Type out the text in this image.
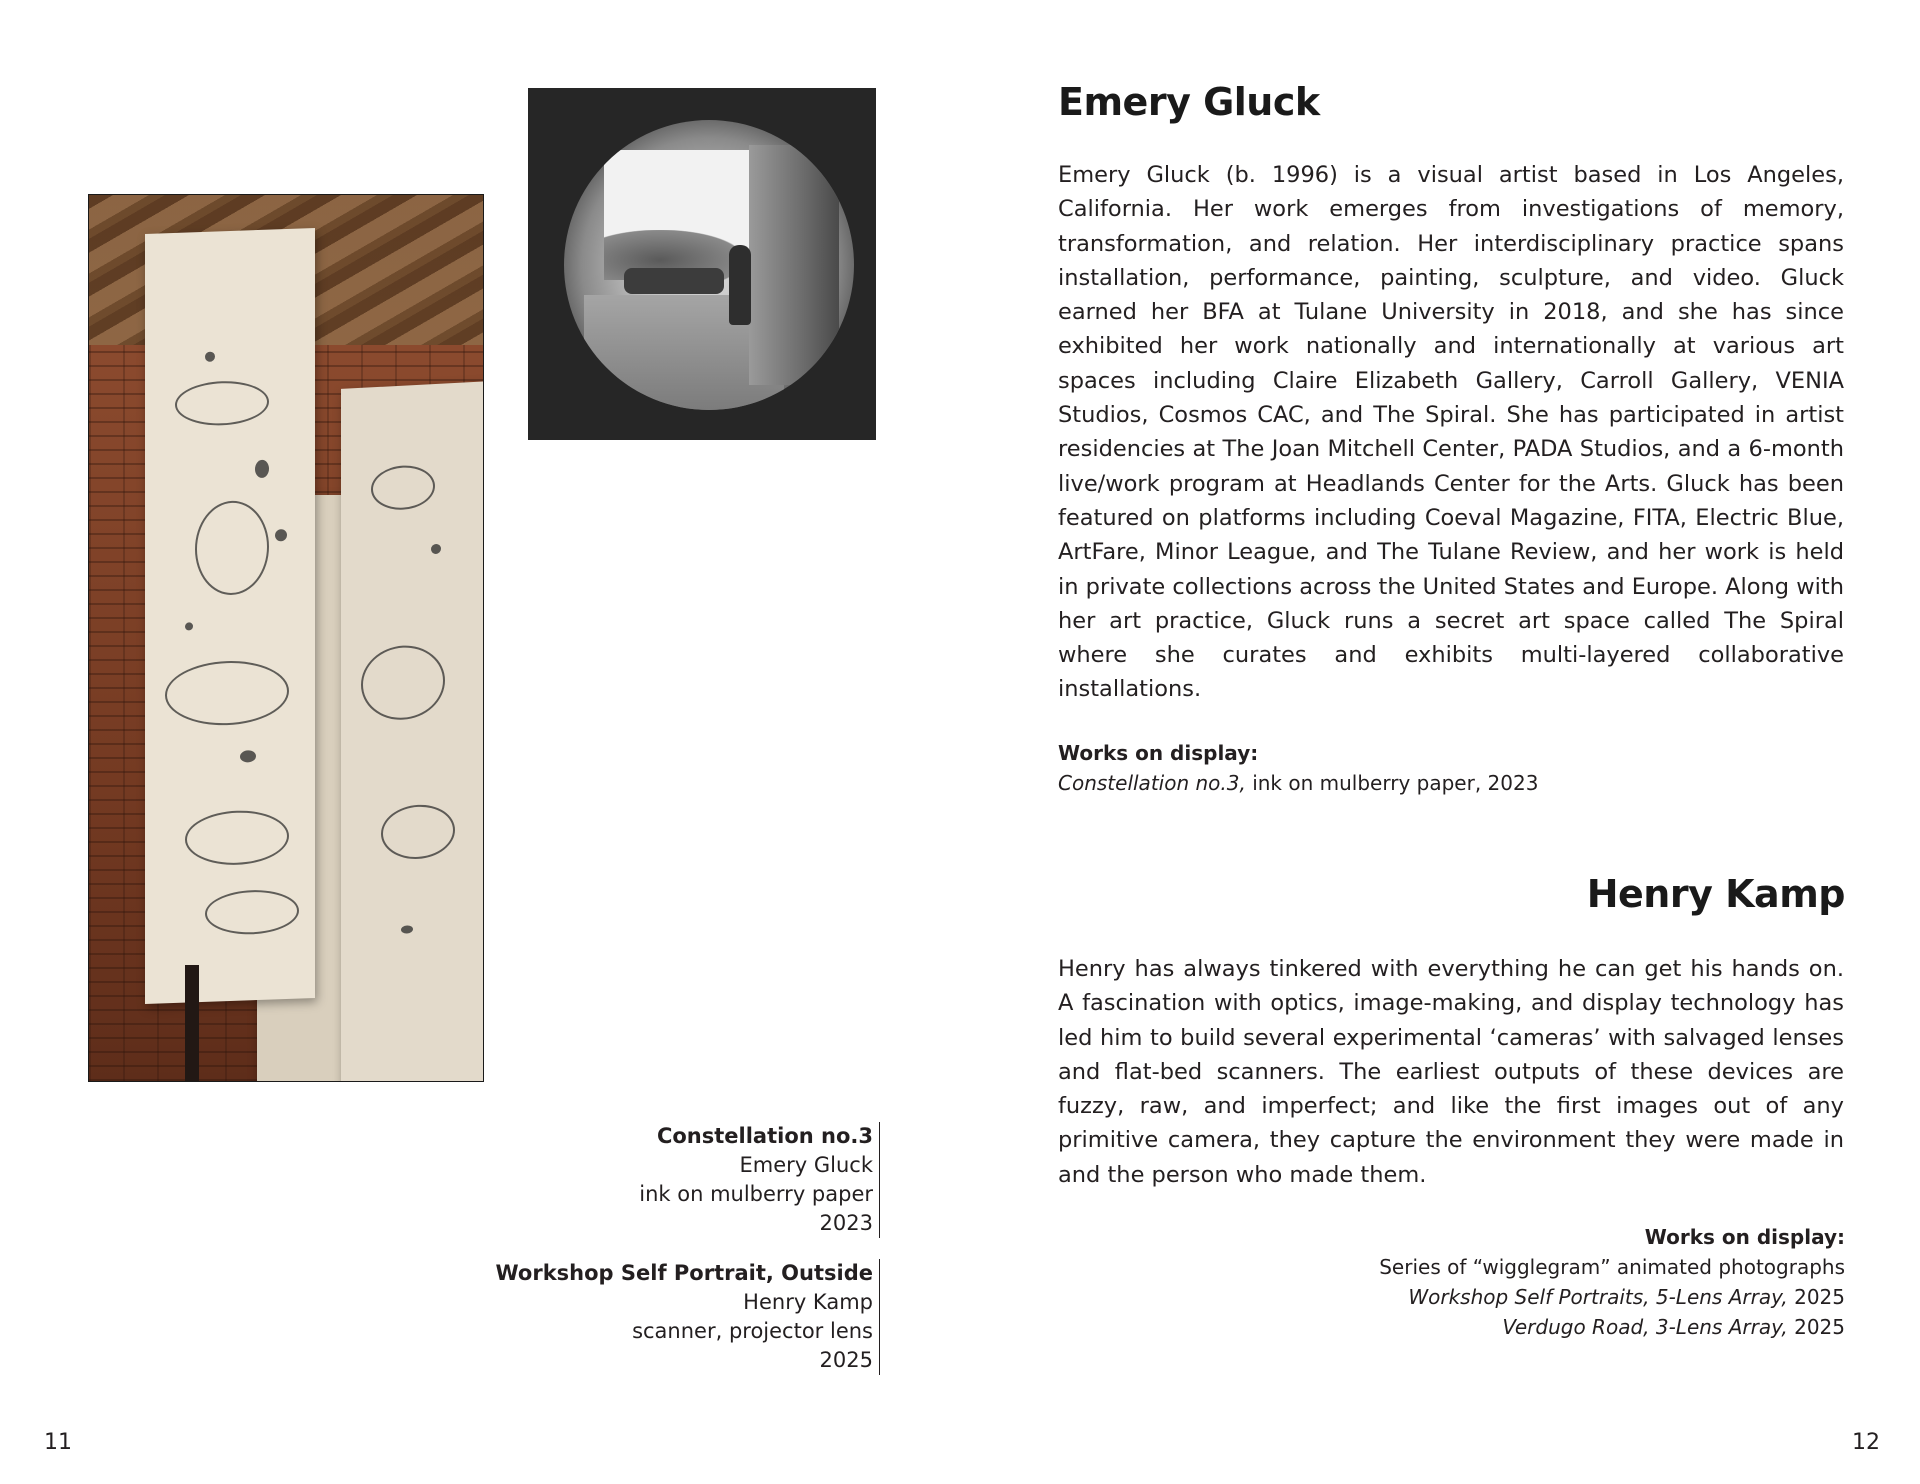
Constellation no.3
Emery Gluck
ink on mulberry paper
2023
Workshop Self Portrait, Outside
Henry Kamp
scanner, projector lens
2025
11
Emery Gluck

Emery Gluck (b. 1996) is a visual artist based in Los Angeles, California. Her work emerges from investigations of memory, transformation, and relation. Her interdisciplinary practice spans installation, performance, painting, sculpture, and video. Gluck earned her BFA at Tulane University in 2018, and she has since exhibited her work nationally and internationally at various art spaces including Claire Elizabeth Gallery, Carroll Gallery, VENIA Studios, Cosmos CAC, and The Spiral. She has participated in artist residencies at The Joan Mitchell Center, PADA Studios, and a 6-month live/work program at Headlands Center for the Arts. Gluck has been featured on platforms including Coeval Magazine, FITA, Electric Blue, ArtFare, Minor League, and The Tulane Review, and her work is held in private collections across the United States and Europe. Along with her art practice, Gluck runs a secret art space called The Spiral where she curates and exhibits multi-layered collaborative installations.

Works on display:
Constellation no.3, ink on mulberry paper, 2023
Henry Kamp

Henry has always tinkered with everything he can get his hands on. A fascination with optics, image-making, and display technology has led him to build several experimental ‘cameras’ with salvaged lenses and flat-bed scanners. The earliest outputs of these devices are fuzzy, raw, and imperfect; and like the first images out of any primitive camera, they capture the environment they were made in and the person who made them.

Works on display:
Series of “wigglegram” animated photographs
Workshop Self Portraits, 5-Lens Array, 2025
Verdugo Road, 3-Lens Array, 2025
12
